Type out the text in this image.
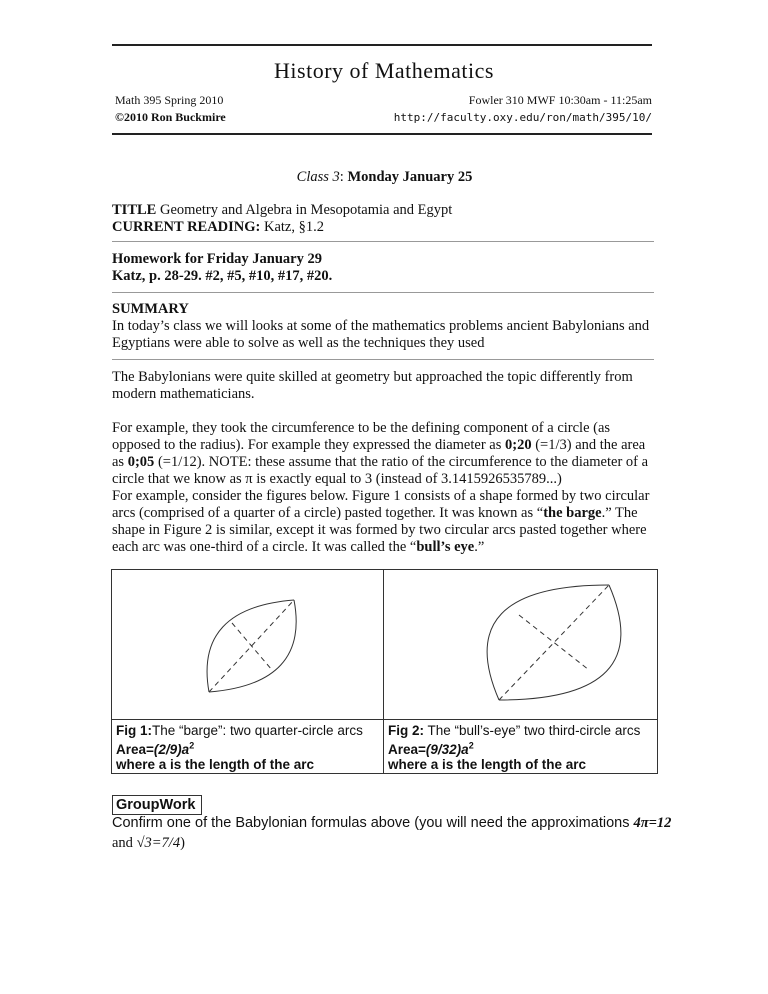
History of Mathematics
Math 395 Spring 2010
©2010 Ron Buckmire
Fowler 310 MWF 10:30am - 11:25am
http://faculty.oxy.edu/ron/math/395/10/
Class 3: Monday January 25
TITLE Geometry and Algebra in Mesopotamia and Egypt
CURRENT READING: Katz, §1.2
Homework for Friday January 29
Katz, p. 28-29. #2, #5, #10, #17, #20.
SUMMARY
In today’s class we will looks at some of the mathematics problems ancient Babylonians and Egyptians were able to solve as well as the techniques they used
The Babylonians were quite skilled at geometry but approached the topic differently from modern mathematicians.
For example, they took the circumference to be the defining component of a circle (as opposed to the radius). For example they expressed the diameter as 0;20 (=1/3) and the area as 0;05 (=1/12). NOTE: these assume that the ratio of the circumference to the diameter of a circle that we know as π is exactly equal to 3 (instead of 3.1415926535789...)
For example, consider the figures below. Figure 1 consists of a shape formed by two circular arcs (comprised of a quarter of a circle) pasted together. It was known as “the barge.” The shape in Figure 2 is similar, except it was formed by two circular arcs pasted together where each arc was one-third of a circle. It was called the “bull’s eye.”
Fig 1:The “barge”: two quarter-circle arcs
$Area=(2/9)a^2$
where a is the length of the arc
Fig 2: The “bull’s-eye” two third-circle arcs
$Area=(9/32)a^2$
where a is the length of the arc
GroupWork
Confirm one of the Babylonian formulas above (you will need the approximations 4π=12 and √3=7/4)
